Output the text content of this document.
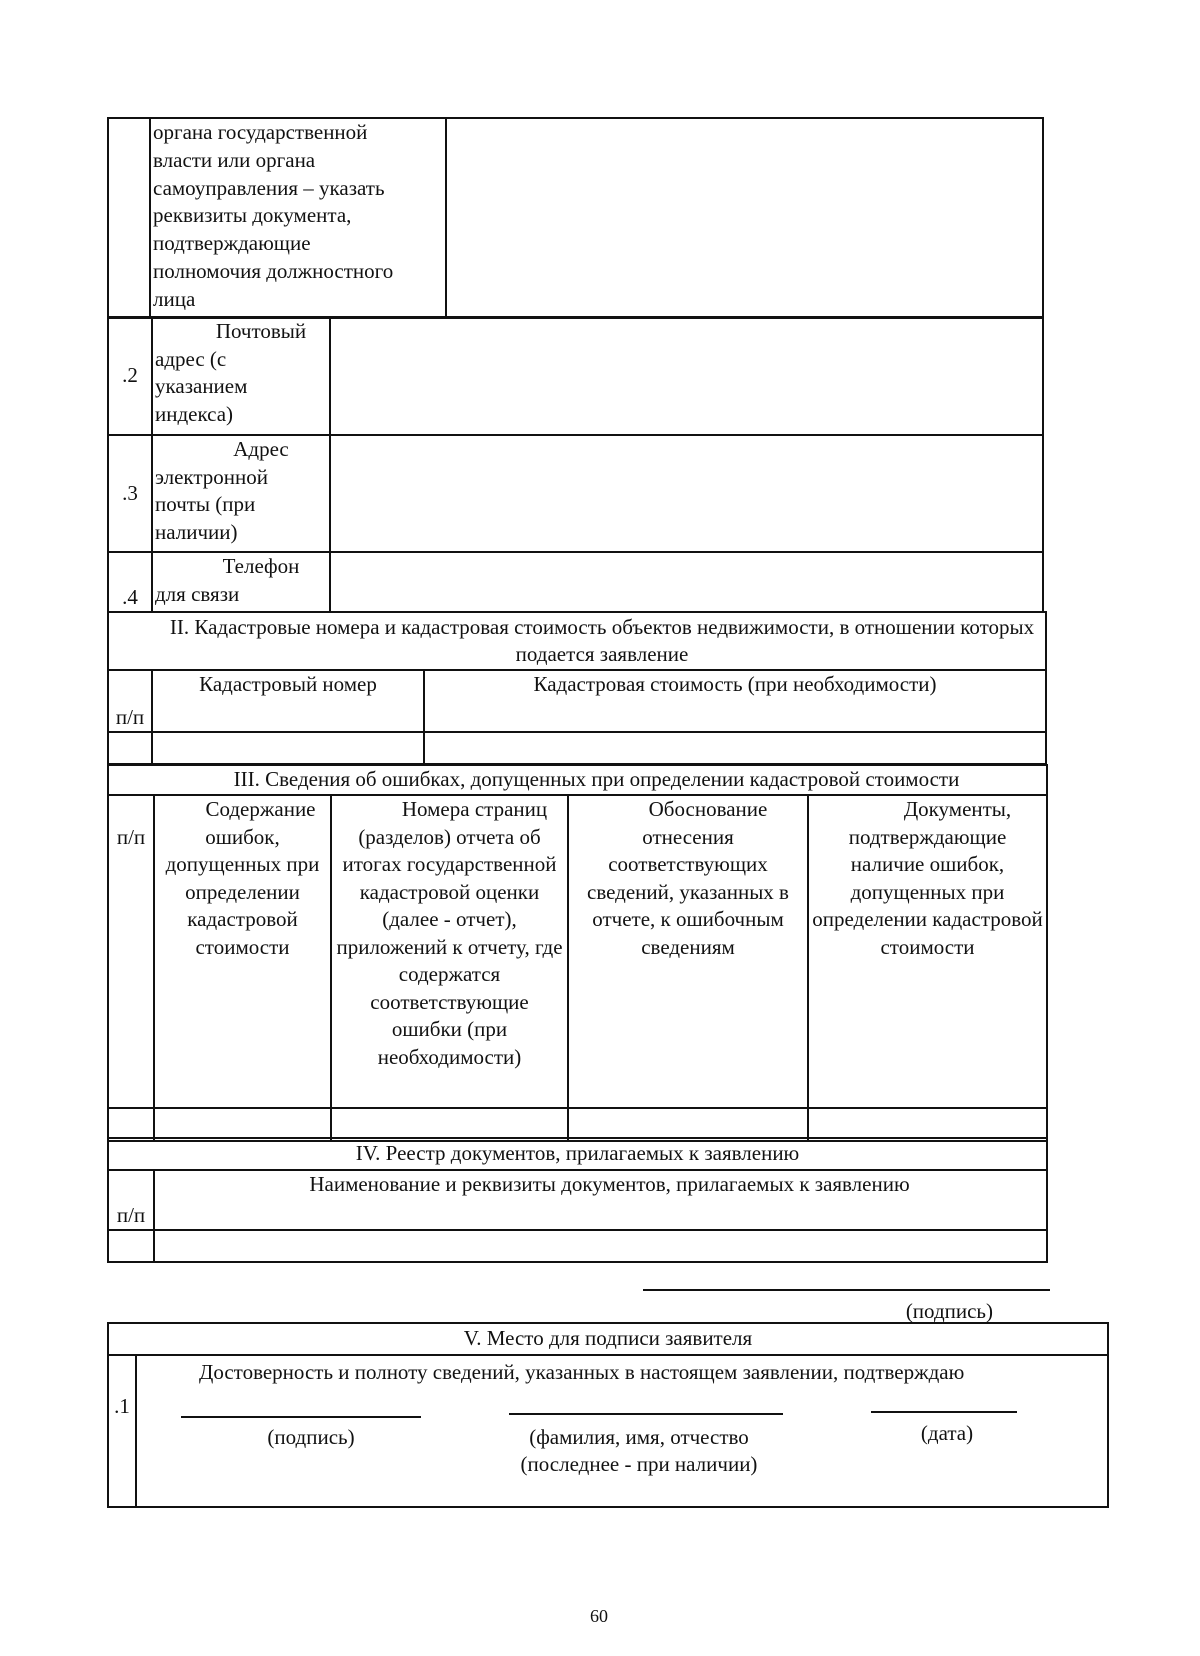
органа государственной
власти или органа
самоуправления – указать
реквизиты документа,
подтверждающие
полномочия должностного
лица

.2	Почтовый
адрес (с
указанием
индекса)	

.3	Адрес
электронной
почты (при
наличии)	

.4	Телефон
для связи	

II. Кадастровые номера и кадастровая стоимость объектов недвижимости, в отношении которых подается заявление		
п/п	Кадастровый номер	Кадастровая стоимость (при необходимости)

III. Сведения об ошибках, допущенных при определении кадастровой стоимости				
п/п	Содержание ошибок, допущенных при определении кадастровой стоимости	Номера страниц (разделов) отчета об итогах государственной кадастровой оценки (далее - отчет), приложений к отчету, где содержатся соответствующие ошибки (при необходимости)	Обоснование отнесения соответствующих сведений, указанных в отчете, к ошибочным сведениям	Документы, подтверждающие наличие ошибок, допущенных при определении кадастровой стоимости

IV. Реестр документов, прилагаемых к заявлению	
п/п	Наименование и реквизиты документов, прилагаемых к заявлению

(подпись)
V. Место для подписи заявителя
.1	
Достоверность и полноту сведений, указанных в настоящем заявлении, подтверждаю
(подпись)	(фамилия, имя, отчество (последнее - при наличии)
(дата)
60
